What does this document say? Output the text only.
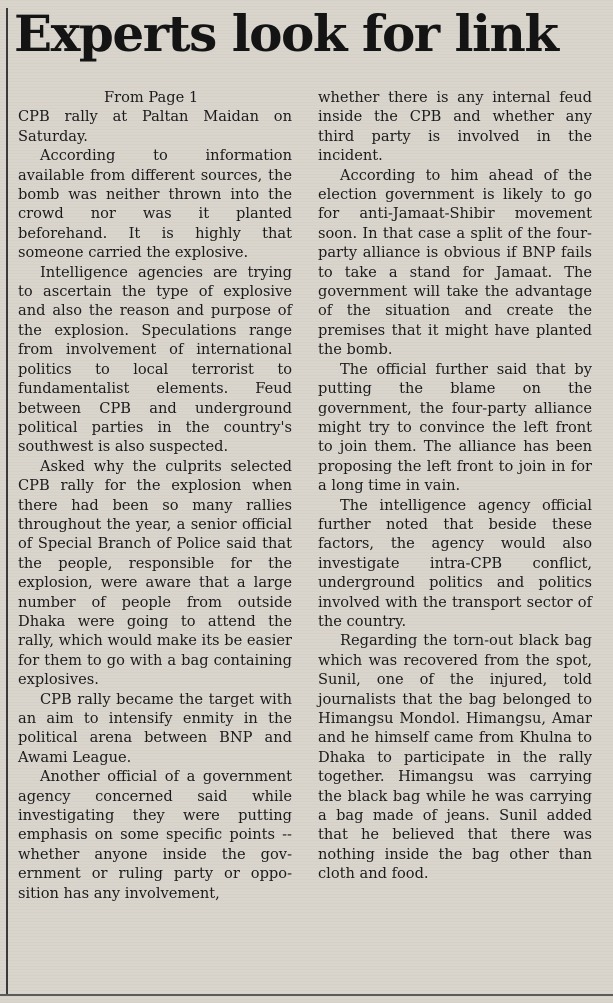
Experts look for link
From Page 1

CPB rally at Paltan Maidan on Saturday.

According to information available from different sources, the bomb was neither thrown into the crowd nor was it planted beforehand. It is highly that someone carried the explosive.

Intelligence agencies are trying to ascertain the type of explosive and also the reason and purpose of the explosion. Speculations range from involvement of international politics to local terrorist to fundamentalist elements. Feud between CPB and underground political parties in the country's southwest is also suspected.

Asked why the culprits selected CPB rally for the explosion when there had been so many rallies throughout the year, a senior official of Special Branch of Police said that the people, responsible for the explosion, were aware that a large number of people from outside Dhaka were going to attend the rally, which would make its be easier for them to go with a bag containing explosives.

CPB rally became the target with an aim to intensify enmity in the political arena between BNP and Awami League.

Another official of a government agency concerned said while investigating they were putting emphasis on some specific points -- whether anyone inside the government or ruling party or opposition has any involvement,

whether there is any internal feud inside the CPB and whether any third party is involved in the incident.

According to him ahead of the election government is likely to go for anti-Jamaat-Shibir movement soon. In that case a split of the four-party alliance is obvious if BNP fails to take a stand for Jamaat. The government will take the advantage of the situation and create the premises that it might have planted the bomb.

The official further said that by putting the blame on the government, the four-party alliance might try to convince the left front to join them. The alliance has been proposing the left front to join in for a long time in vain.

The intelligence agency official further noted that beside these factors, the agency would also investigate intra-CPB conflict, underground politics and politics involved with the transport sector of the country.

Regarding the torn-out black bag which was recovered from the spot, Sunil, one of the injured, told journalists that the bag belonged to Himangsu Mondol. Himangsu, Amar and he himself came from Khulna to Dhaka to participate in the rally together. Himangsu was carrying the black bag while he was carrying a bag made of jeans. Sunil added that he believed that there was nothing inside the bag other than cloth and food.
